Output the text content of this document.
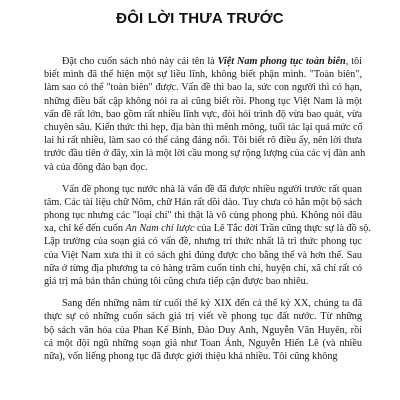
ĐÔI LỜI THƯA TRƯỚC
Đặt cho cuốn sách nhỏ này cái tên là Việt Nam phong tục toàn biên, tôi
biết mình đã thể hiện một sự liều lĩnh, không biết phận mình. "Toàn biên",
làm sao có thể "toàn biên" được. Vấn đề thì bao la, sức con người thì có hạn,
những điều bất cập không nói ra ai cũng biết rồi. Phong tục Việt Nam là một
vấn đề rất lớn, bao gồm rất nhiều lĩnh vực, đòi hỏi trình độ vừa bao quát, vừa
chuyên sâu. Kiến thức thì hẹp, địa bàn thì mênh mông, tuổi tác lại quá mức cổ
lai hi rất nhiều, làm sao có thể cáng đáng nổi. Tôi biết rõ điều ấy, nên lời thưa
trước đầu tiên ở đây, xin là một lời cầu mong sự rộng lượng của các vị đàn anh
và của đông đảo bạn đọc.
Vấn đề phong tục nước nhà là vấn đề đã được nhiều người trước rất quan
tâm. Các tài liệu chữ Nôm, chữ Hán rất dồi dào. Tuy chưa có hẳn một bộ sách
phong tục nhưng các "loại chí" thì thật là vô cùng phong phú. Không nói đâu
xa, chỉ kể đến cuốn An Nam chí lược của Lê Tắc đời Trần cũng thực sự là đồ sộ.
Lập trường của soạn giả có vấn đề, nhưng trí thức nhất là tri thức phong tục
của Việt Nam xưa thì ít có sách ghi đúng được cho bằng thế và hơn thế. Sau
nữa ở từng địa phương ta có hàng trăm cuốn tỉnh chí, huyện chí, xã chí rất có
giá trị mà bản thân chúng tôi cũng chưa tiếp cận được bao nhiêu.
Sang đến những năm từ cuối thế kỷ XIX đến cả thế kỷ XX, chúng ta đã
thực sự có những cuốn sách giá trị viết về phong tục đất nước. Từ những
bộ sách văn hóa của Phan Kế Bính, Đào Duy Anh, Nguyễn Văn Huyên, rồi
cả một đội ngũ những soạn giả như Toan Ánh, Nguyễn Hiến Lê (và nhiều
nữa), vốn liếng phong tục đã được giới thiệu khá nhiều. Tôi cũng không
